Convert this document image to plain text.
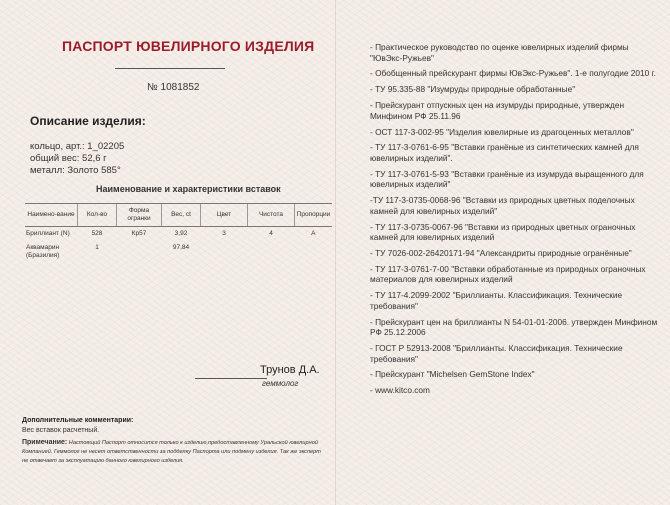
ПАСПОРТ ЮВЕЛИРНОГО ИЗДЕЛИЯ
№ 1081852
Описание изделия:
кольцо, арт.: 1_02205
общий вес: 52,6 г
металл: Золото 585°
Наименование и характеристики вставок
Наимено-вание	Кол-во	Форма огранки	Вес, ct	Цвет	Чистота	Пропорции
Бриллиант (N)	528	Кр57	3,92	3	4	А
Аквамарин (Бразилия)	1		97,84			
Трунов Д.А.
геммолог
Дополнительные комментарии:
Вес вставок расчетный.
Примечание: Настоящий Паспорт относится только к изделию,предоставленному Уральской ювелирной Компанией. Геммолог не несет ответственности за подделку Паспорта или подмену изделия. Так же эксперт не отвечает за эксплуатацию данного ювелирного изделия.
- Практическое руководство по оценке ювелирных изделий фирмы "ЮвЭкс-Ружьев"
- Обобщенный прейскурант фирмы ЮвЭкс-Ружьев". 1-е полугодие 2010 г.
- ТУ 95.335-88 "Изумруды природные обработанные"
- Прейскурант отпускных цен на изумруды природные, утвержден Минфином РФ 25.11.96
- ОСТ 117-3-002-95 "Изделия ювелирные из драгоценных металлов"
- ТУ 117-3-0761-6-95 "Вставки гранёные из синтетических камней для ювелирных изделий".
- ТУ 117-3-0761-5-93 "Вставки гранёные из изумруда выращенного для ювелирных изделий"
-ТУ 117-3-0735-0068-96 "Вставки из природных цветных поделочных камней для ювелирных изделий"
- ТУ 117-3-0735-0067-96 "Вставки из природных цветных ограночных камней для ювелирных изделий
- ТУ 7026-002-26420171-94 "Александриты природные огранённые"
- ТУ 117-3-0761-7-00 "Вставки обработанные из природных ограночных материалов для ювелирных изделий
- ТУ 117-4.2099-2002 "Бриллианты. Классификация. Технические требования"
- Прейскурант цен на бриллианты N 54-01-01-2006. утвержден Минфином РФ 25.12.2006
- ГОСТ Р 52913-2008 "Бриллианты. Классификация. Технические требования"
- Прейскурант "Michelsen GemStone Index"
- www.kitco.com
